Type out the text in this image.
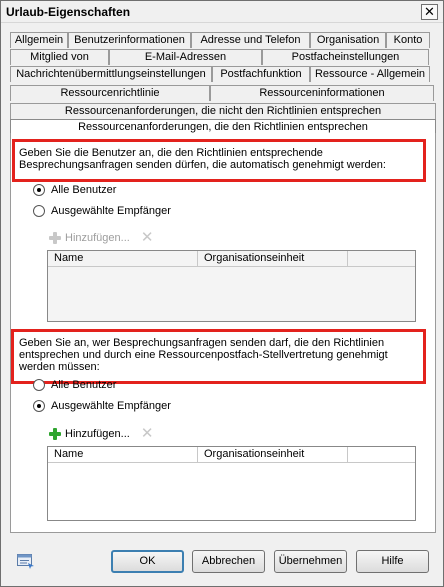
Urlaub-Eigenschaften	✕
Allgemein	Benutzerinformationen	Adresse und Telefon	Organisation	Konto
Mitglied von	E-Mail-Adressen	Postfacheinstellungen
Nachrichtenübermittlungseinstellungen	Postfachfunktion	Ressource - Allgemein
Ressourcenrichtlinie	Ressourceninformationen
Ressourcenanforderungen, die nicht den Richtlinien entsprechen
Ressourcenanforderungen, die den Richtlinien entsprechen
Geben Sie die Benutzer an, die den Richtlinien entsprechende
Besprechungsanfragen senden dürfen, die automatisch genehmigt werden:
Alle Benutzer
Ausgewählte Empfänger
Hinzufügen... ✕
Name	Organisationseinheit
Geben Sie an, wer Besprechungsanfragen senden darf, die den Richtlinien
entsprechen und durch eine Ressourcenpostfach-Stellvertretung genehmigt
werden müssen:
Alle Benutzer
Ausgewählte Empfänger
Hinzufügen... ✕
Name	Organisationseinheit
OK	Abbrechen	Übernehmen	Hilfe
